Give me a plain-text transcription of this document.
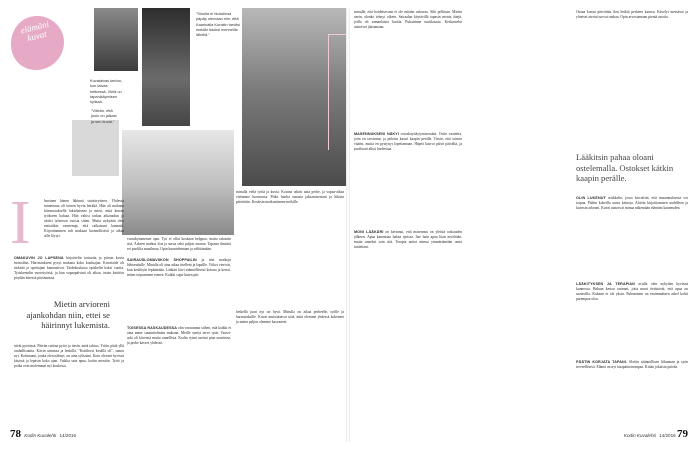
elämäni kuvat
"Sinulla ei hiuksiinsa päpäp olemaan niin, että Kaarinalla Kurakin tarvitsi meidät tutuksi menneille lähellä."
Kuvataivas kertoo, kun taivas hetkessä. Vielä on tapanikäymisen sylissä.
"Viileän, että joulu on jalkasi ja sen kuvat."
I	lmoinen hänen lähinnä sinisävytteen. Yhdessä tunnettuna oli toinen hyvin herkkä. Hän oli mukana kiinnostuksella lukiolaisena ja mieti, mitä kerran työkseen haluaa. Hän valitsi tarkan aikataulun ja aloitti työnteon vuosia sitten. Mutta nykyään olen entistäkin varmempi, että ratkaisuni kannatti. Kirjoittaminen tuli mukaan luonnollisesti ja aikaa sille löytyi.
OMAKUVIN JO LAPSENA kirjoittelin tarinoita ja piirsin kuvia tarinoihin. Harrastukseni pysyi mukana koko kouluajan. Kuvataide oli tärkeää ja opettajani kannustivat. Taidekoulussa opiskelin kaksi vuotta. Työskentelin vuorotyössä, ja kun vapaapäivinä oli aikaa, istuin keittiön pöydän ääressä piirtämässä.
Mietin arvioreni ajankohdan niin, ettei se häirinnyt lukemista.
nivät pyörässä. Päivän rutiina pyöri ja tiesin, mitä tahtoo. Yritin pitää yllä rauhallisuutta. Kävin uimassa ja lenkillä. "Kotiihteri kesällä oli", sanon nyt. Kotimaani, jonka olen nähnyt, on aina sylissäni. Koin olevani hyvissä käsissä ja lepäsin koko ajan. Vaikka sain apua, kotiin mentiin. Tyttö ja poika ovat molemmat nyt koulussa.
vuosikymmenen ajan. Työ ei ollut koskaan helppoa, mutta rakastin sitä. Arkeen mahtui iloa ja surua sekä paljon naurua. Tapasin ihmisiä eri puolilta maailmaa. Opin kuuntelemaan ja välittämään.
SAIRAUSLOMAVIIKON SHOPPAILIN ja tein matkoja lähiseudulle. Minulla oli aina aikaa itselleni ja lapsille. Viikot vierivät, kun keskityin lepäämään. Lääkäri kävi säännöllisesti kotona ja kertoi, miten toipuminen etenee. Kaikki sujui kuten piti.
TOISESSA RASKAUDESSA olin varautunut siihen, että kaikki ei aina mene suunnitelmien mukaan. Meille syntyi terve tytär. Vauva-arki oli kiireistä mutta onnellista. Kodin rytmi asettui pian uomiinsa, ja perhe kasvoi yhdessä.
minulla vielä työtä ja kuvia. Kotona odotti aina perhe, ja vapaa-aikaa vietimme luonnossa. Pidin huolta omasta jaksamisestani ja liikuin päivittäin. Kesäisin matkustimme mökille.
hetkellä juuri nyt on hyvä. Minulla on aikaa perheelle, työlle ja harrastuksille. Kuvat muistuttavat siitä, mitä olemme yhdessä kokeneet ja miten paljon olemme kasvaneet.
78 Kodin Kuvalehti 14/2016
minulle, että hoidettavana ei ole mitään vakavaa. Silti pelkäsin. Mietin usein, olenko tehnyt oikein. Sairaalan käytävillä tapasin monia äitejä, joilla oli samanlaisia huolia. Puhuimme tuntikausia. Keskustelut auttoivat jaksamaan.
MASENNUKSENI NÄKYI ostoskäyttäytymisessäni. Ostin vaatteita, joita en tarvinnut, ja piilotin kassit kaapin perälle. Tiesin, että toimin väärin, mutta en pystynyt lopettamaan. Häpeä kasvoi päivä päivältä, ja puolisoni alkoi huolestua.
MONI LÄÄKÄRI on kertonut, että masennus on yleistä raskauden jälkeen. Apua kannattaa hakea ajoissa. Itse hain apua liian myöhään, mutta onneksi sain sitä. Terapia auttoi minua ymmärtämään omia tunteitani.
Osana kuvaa päivittäin ilon hetkiä perheen kanssa. Kävelyt metsässä ja yhteiset ateriat tuovat rauhaa. Opin arvostamaan pieniä asioita.
Lääkitsin pahaa oloani ostelemalla. Ostokset kätkin kaapin perälle.
OLIN LUKENUT artikkelin, jossa kerrottiin, että masennuksesta voi toipua. Päätin kokeilla uusia keinoja. Aloitin kirjoittamisen uudelleen ja kuvasin arkeani. Kuvat auttoivat minua näkemään elämäni kauneuden.
LÄÄKITYKSEN JA TERAPIAN avulla olen nykyään hyvässä kunnossa. Haluan kertoa tarinani, jotta muut tietäisivät, että apua on saatavilla. Kukaan ei ole yksin. Puhuminen on ensimmäinen askel kohti parempaa oloa.
PÄÄTIN KORJATA TAPANI. Aloitin säännöllisen liikunnan ja syön terveellisesti. Elämä on nyt tasapainoisempaa. Kiitän jokaista päivää.
Kodin Kuvalehti 14/2016 79
